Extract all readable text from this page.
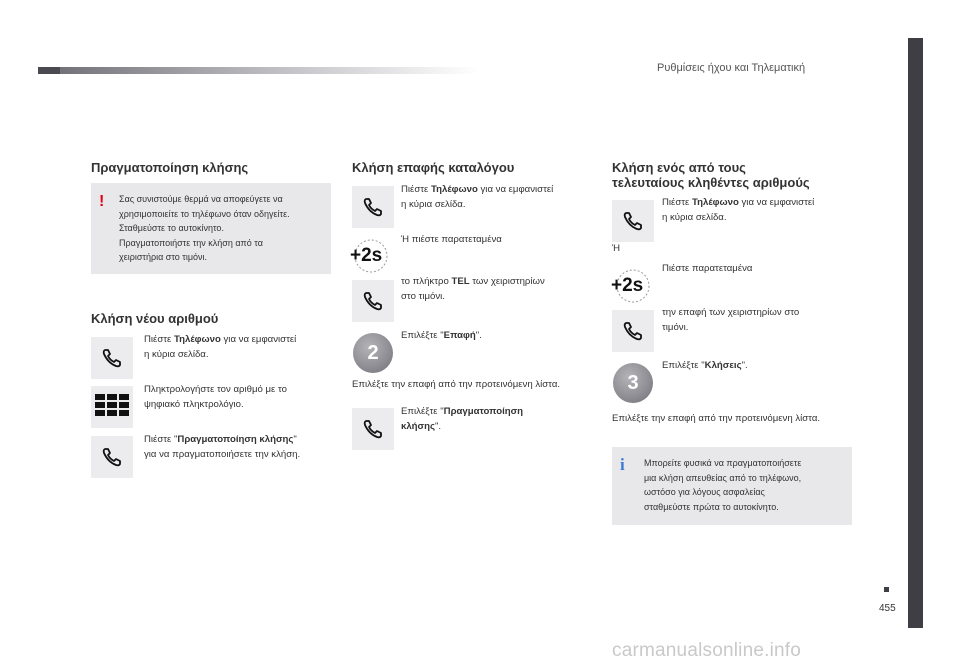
Ρυθμίσεις ήχου και Τηλεματική
455
Πραγματοποίηση κλήσης
! Σας συνιστούμε θερμά να αποφεύγετε να
χρησιμοποιείτε το τηλέφωνο όταν οδηγείτε.
Σταθμεύστε το αυτοκίνητο.
Πραγματοποιήστε την κλήση από τα
χειριστήρια στο τιμόνι.
Κλήση νέου αριθμού
Πιέστε Τηλέφωνο για να εμφανιστεί
η κύρια σελίδα.
Πληκτρολογήστε τον αριθμό με το
ψηφιακό πληκτρολόγιο.
Πιέστε "Πραγματοποίηση κλήσης"
για να πραγματοποιήσετε την κλήση.
Κλήση επαφής καταλόγου
Πιέστε Τηλέφωνο για να εμφανιστεί
η κύρια σελίδα.
Ή πιέστε παρατεταμένα
+2s
το πλήκτρο TEL των χειριστηρίων
στο τιμόνι.
2
Επιλέξτε "Επαφή".
Επιλέξτε την επαφή από την προτεινόμενη λίστα.
Επιλέξτε "Πραγματοποίηση
κλήσης".
Κλήση ενός από τους
τελευταίους κληθέντες αριθμούς
Πιέστε Τηλέφωνο για να εμφανιστεί
η κύρια σελίδα.
Ή
Πιέστε παρατεταμένα
+2s
την επαφή των χειριστηρίων στο
τιμόνι.
3
Επιλέξτε "Κλήσεις".
Επιλέξτε την επαφή από την προτεινόμενη λίστα.
i Μπορείτε φυσικά να πραγματοποιήσετε
μια κλήση απευθείας από το τηλέφωνο,
ωστόσο για λόγους ασφαλείας
σταθμεύστε πρώτα το αυτοκίνητο.
carmanualsonline.info
